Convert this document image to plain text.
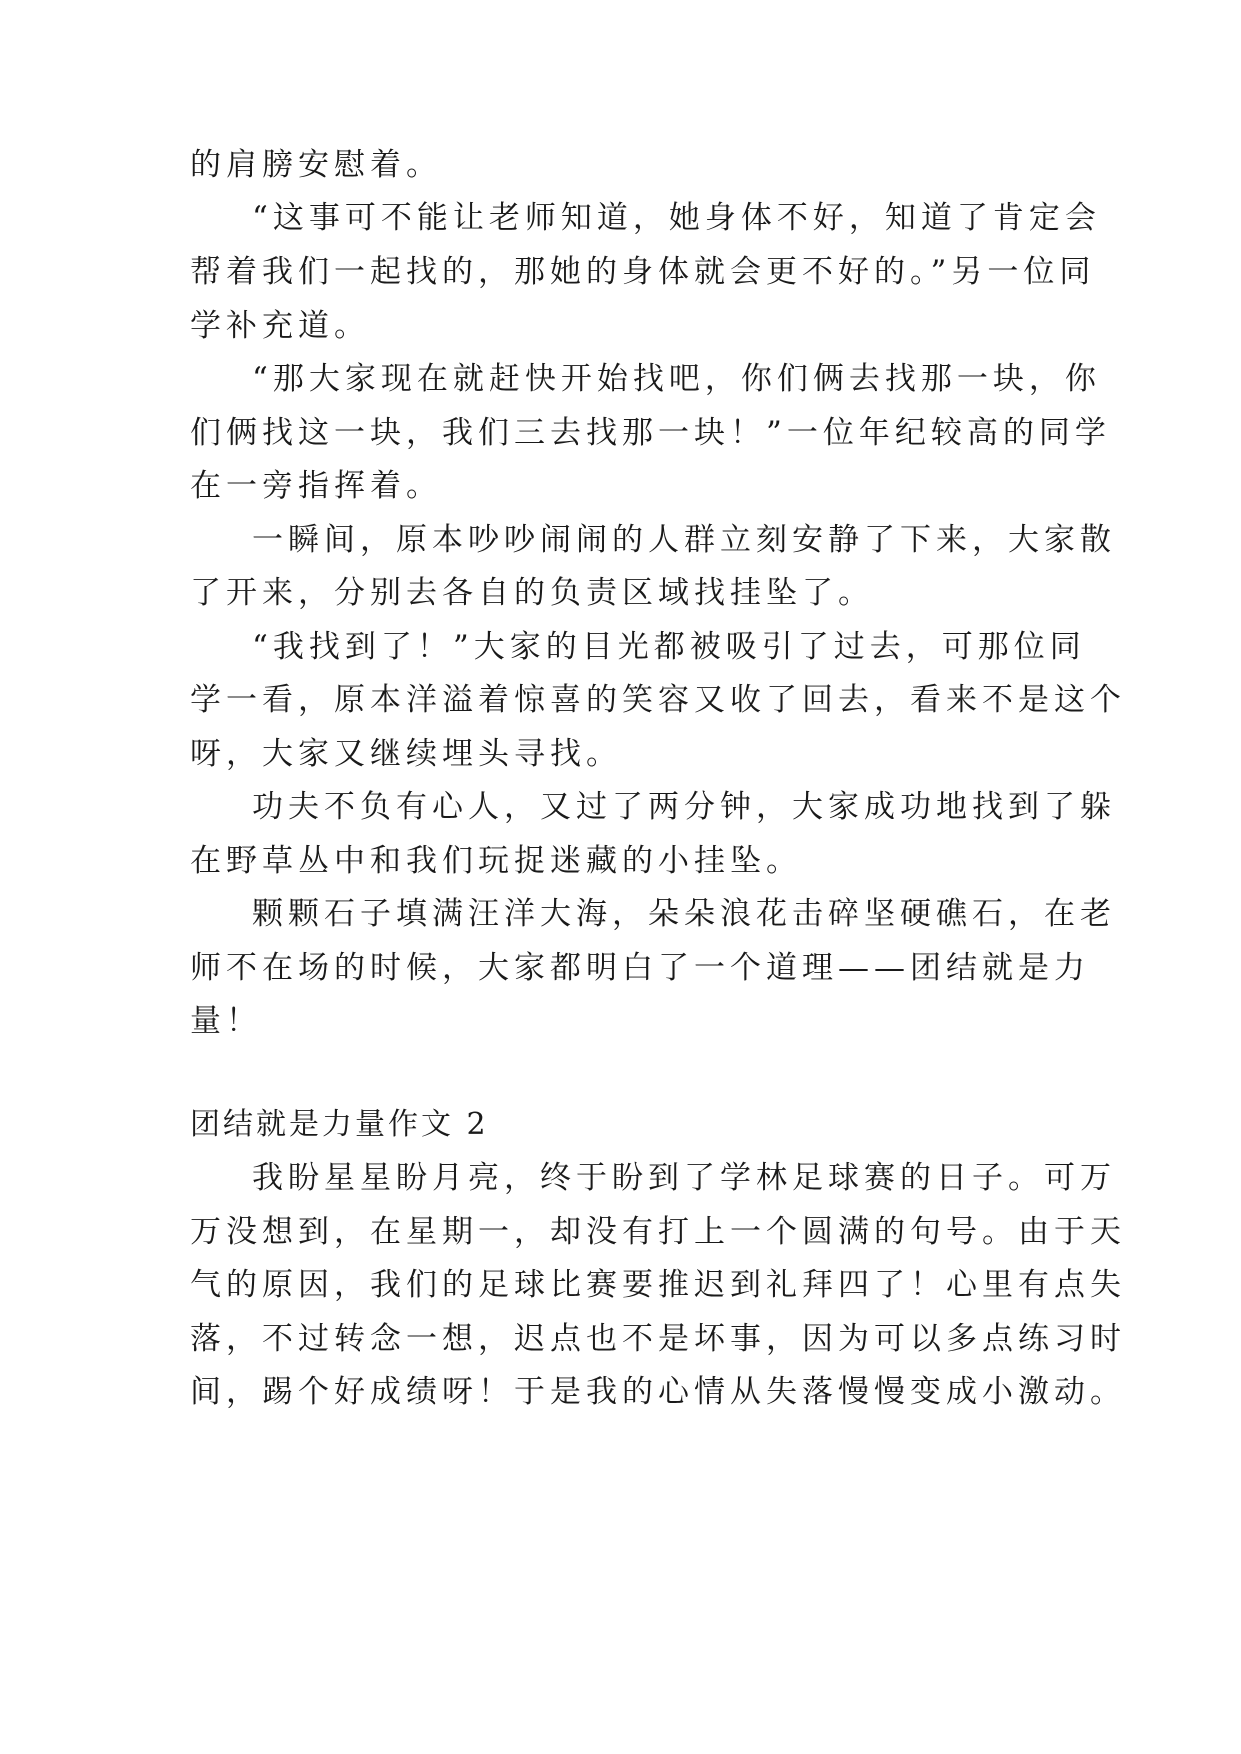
的肩膀安慰着。
“这事可不能让老师知道，她身体不好，知道了肯定会
帮着我们一起找的，那她的身体就会更不好的。”另一位同
学补充道。
“那大家现在就赶快开始找吧，你们俩去找那一块，你
们俩找这一块，我们三去找那一块！”一位年纪较高的同学
在一旁指挥着。
一瞬间，原本吵吵闹闹的人群立刻安静了下来，大家散
了开来，分别去各自的负责区域找挂坠了。
“我找到了！”大家的目光都被吸引了过去，可那位同
学一看，原本洋溢着惊喜的笑容又收了回去，看来不是这个
呀，大家又继续埋头寻找。
功夫不负有心人，又过了两分钟，大家成功地找到了躲
在野草丛中和我们玩捉迷藏的小挂坠。
颗颗石子填满汪洋大海，朵朵浪花击碎坚硬礁石，在老
师不在场的时候，大家都明白了一个道理——团结就是力
量！
团结就是力量作文 2
我盼星星盼月亮，终于盼到了学林足球赛的日子。可万
万没想到，在星期一，却没有打上一个圆满的句号。由于天
气的原因，我们的足球比赛要推迟到礼拜四了！心里有点失
落，不过转念一想，迟点也不是坏事，因为可以多点练习时
间，踢个好成绩呀！于是我的心情从失落慢慢变成小激动。
